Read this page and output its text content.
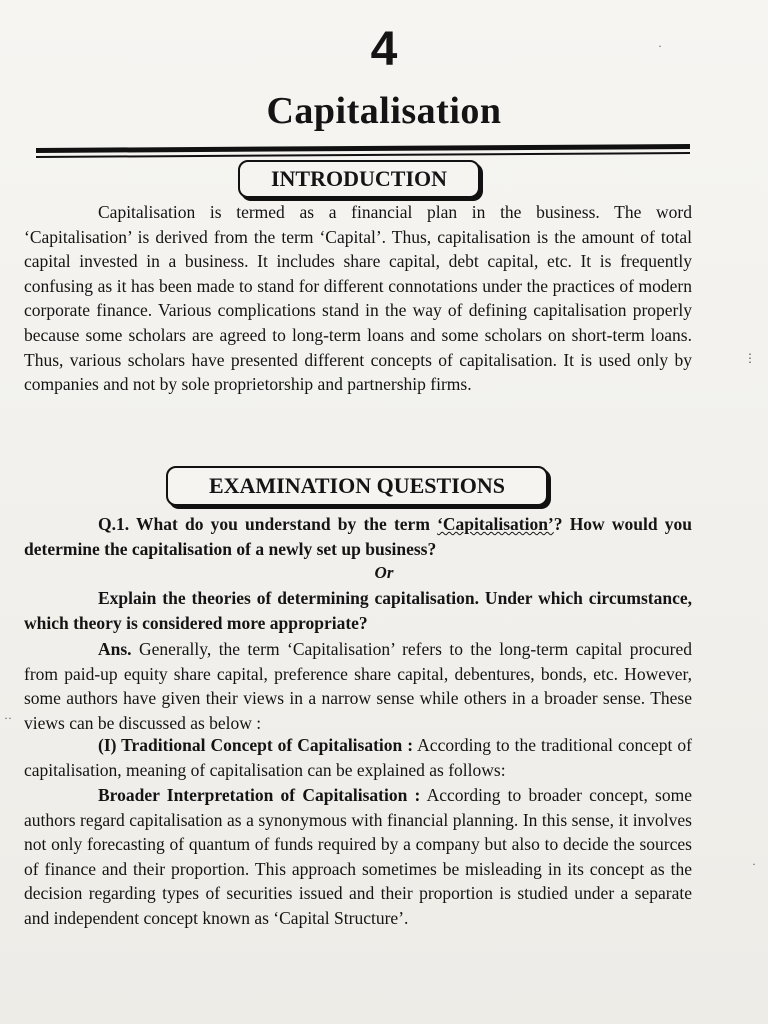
4
Capitalisation
INTRODUCTION

Capitalisation is termed as a financial plan in the business. The word ‘Capitalisation’ is derived from the term ‘Capital’. Thus, capitalisation is the amount of total capital invested in a business. It includes share capital, debt capital, etc. It is frequently confusing as it has been made to stand for different connotations under the practices of modern corporate finance. Various complications stand in the way of defining capitalisation properly because some scholars are agreed to long-term loans and some scholars on short-term loans. Thus, various scholars have presented different concepts of capitalisation. It is used only by companies and not by sole proprietorship and partnership firms.

EXAMINATION QUESTIONS

Q.1. What do you understand by the term ‘Capitalisation’? How would you determine the capitalisation of a newly set up business?

Or

Explain the theories of determining capitalisation. Under which circumstance, which theory is considered more appropriate?

Ans. Generally, the term ‘Capitalisation’ refers to the long-term capital procured from paid-up equity share capital, preference share capital, debentures, bonds, etc. However, some authors have given their views in a narrow sense while others in a broader sense. These views can be discussed as below :

(I) Traditional Concept of Capitalisation : According to the traditional concept of capitalisation, meaning of capitalisation can be explained as follows:

Broader Interpretation of Capitalisation : According to broader concept, some authors regard capitalisation as a synonymous with financial planning. In this sense, it involves not only forecasting of quantum of funds required by a company but also to decide the sources of finance and their proportion. This approach sometimes be misleading in its concept as the decision regarding types of securities issued and their proportion is studied under a separate and independent concept known as ‘Capital Structure’.

·
⋮
··
·
